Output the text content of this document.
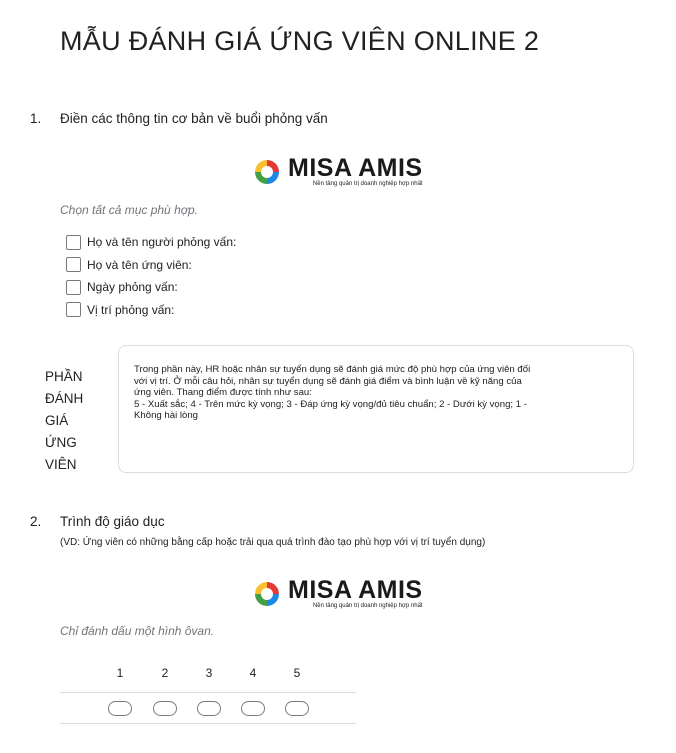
MẪU ĐÁNH GIÁ ỨNG VIÊN ONLINE 2
1. Điền các thông tin cơ bản về buổi phỏng vấn
MISA AMIS
Nền tảng quản trị doanh nghiệp hợp nhất
Chọn tất cả mục phù hợp.
Họ và tên người phỏng vấn:
Họ và tên ứng viên:
Ngày phỏng vấn:
Vị trí phỏng vấn:
PHẦN
ĐÁNH
GIÁ
ỨNG
VIÊN
Trong phần này, HR hoặc nhân sự tuyển dụng sẽ đánh giá mức độ phù hợp của ứng viên đối
với vị trí. Ở mỗi câu hỏi, nhân sự tuyển dụng sẽ đánh giá điểm và bình luận về kỹ năng của
ứng viên. Thang điểm được tính như sau:
5 - Xuất sắc; 4 - Trên mức kỳ vọng; 3 - Đáp ứng kỳ vọng/đủ tiêu chuẩn; 2 - Dưới kỳ vọng; 1 -
Không hài lòng
2. Trình độ giáo dục
(VD: Ứng viên có những bằng cấp hoặc trải qua quá trình đào tạo phù hợp với vị trí tuyển dụng)
MISA AMIS
Nền tảng quản trị doanh nghiệp hợp nhất
Chỉ đánh dấu một hình ôvan.
1	2	3	4	5
